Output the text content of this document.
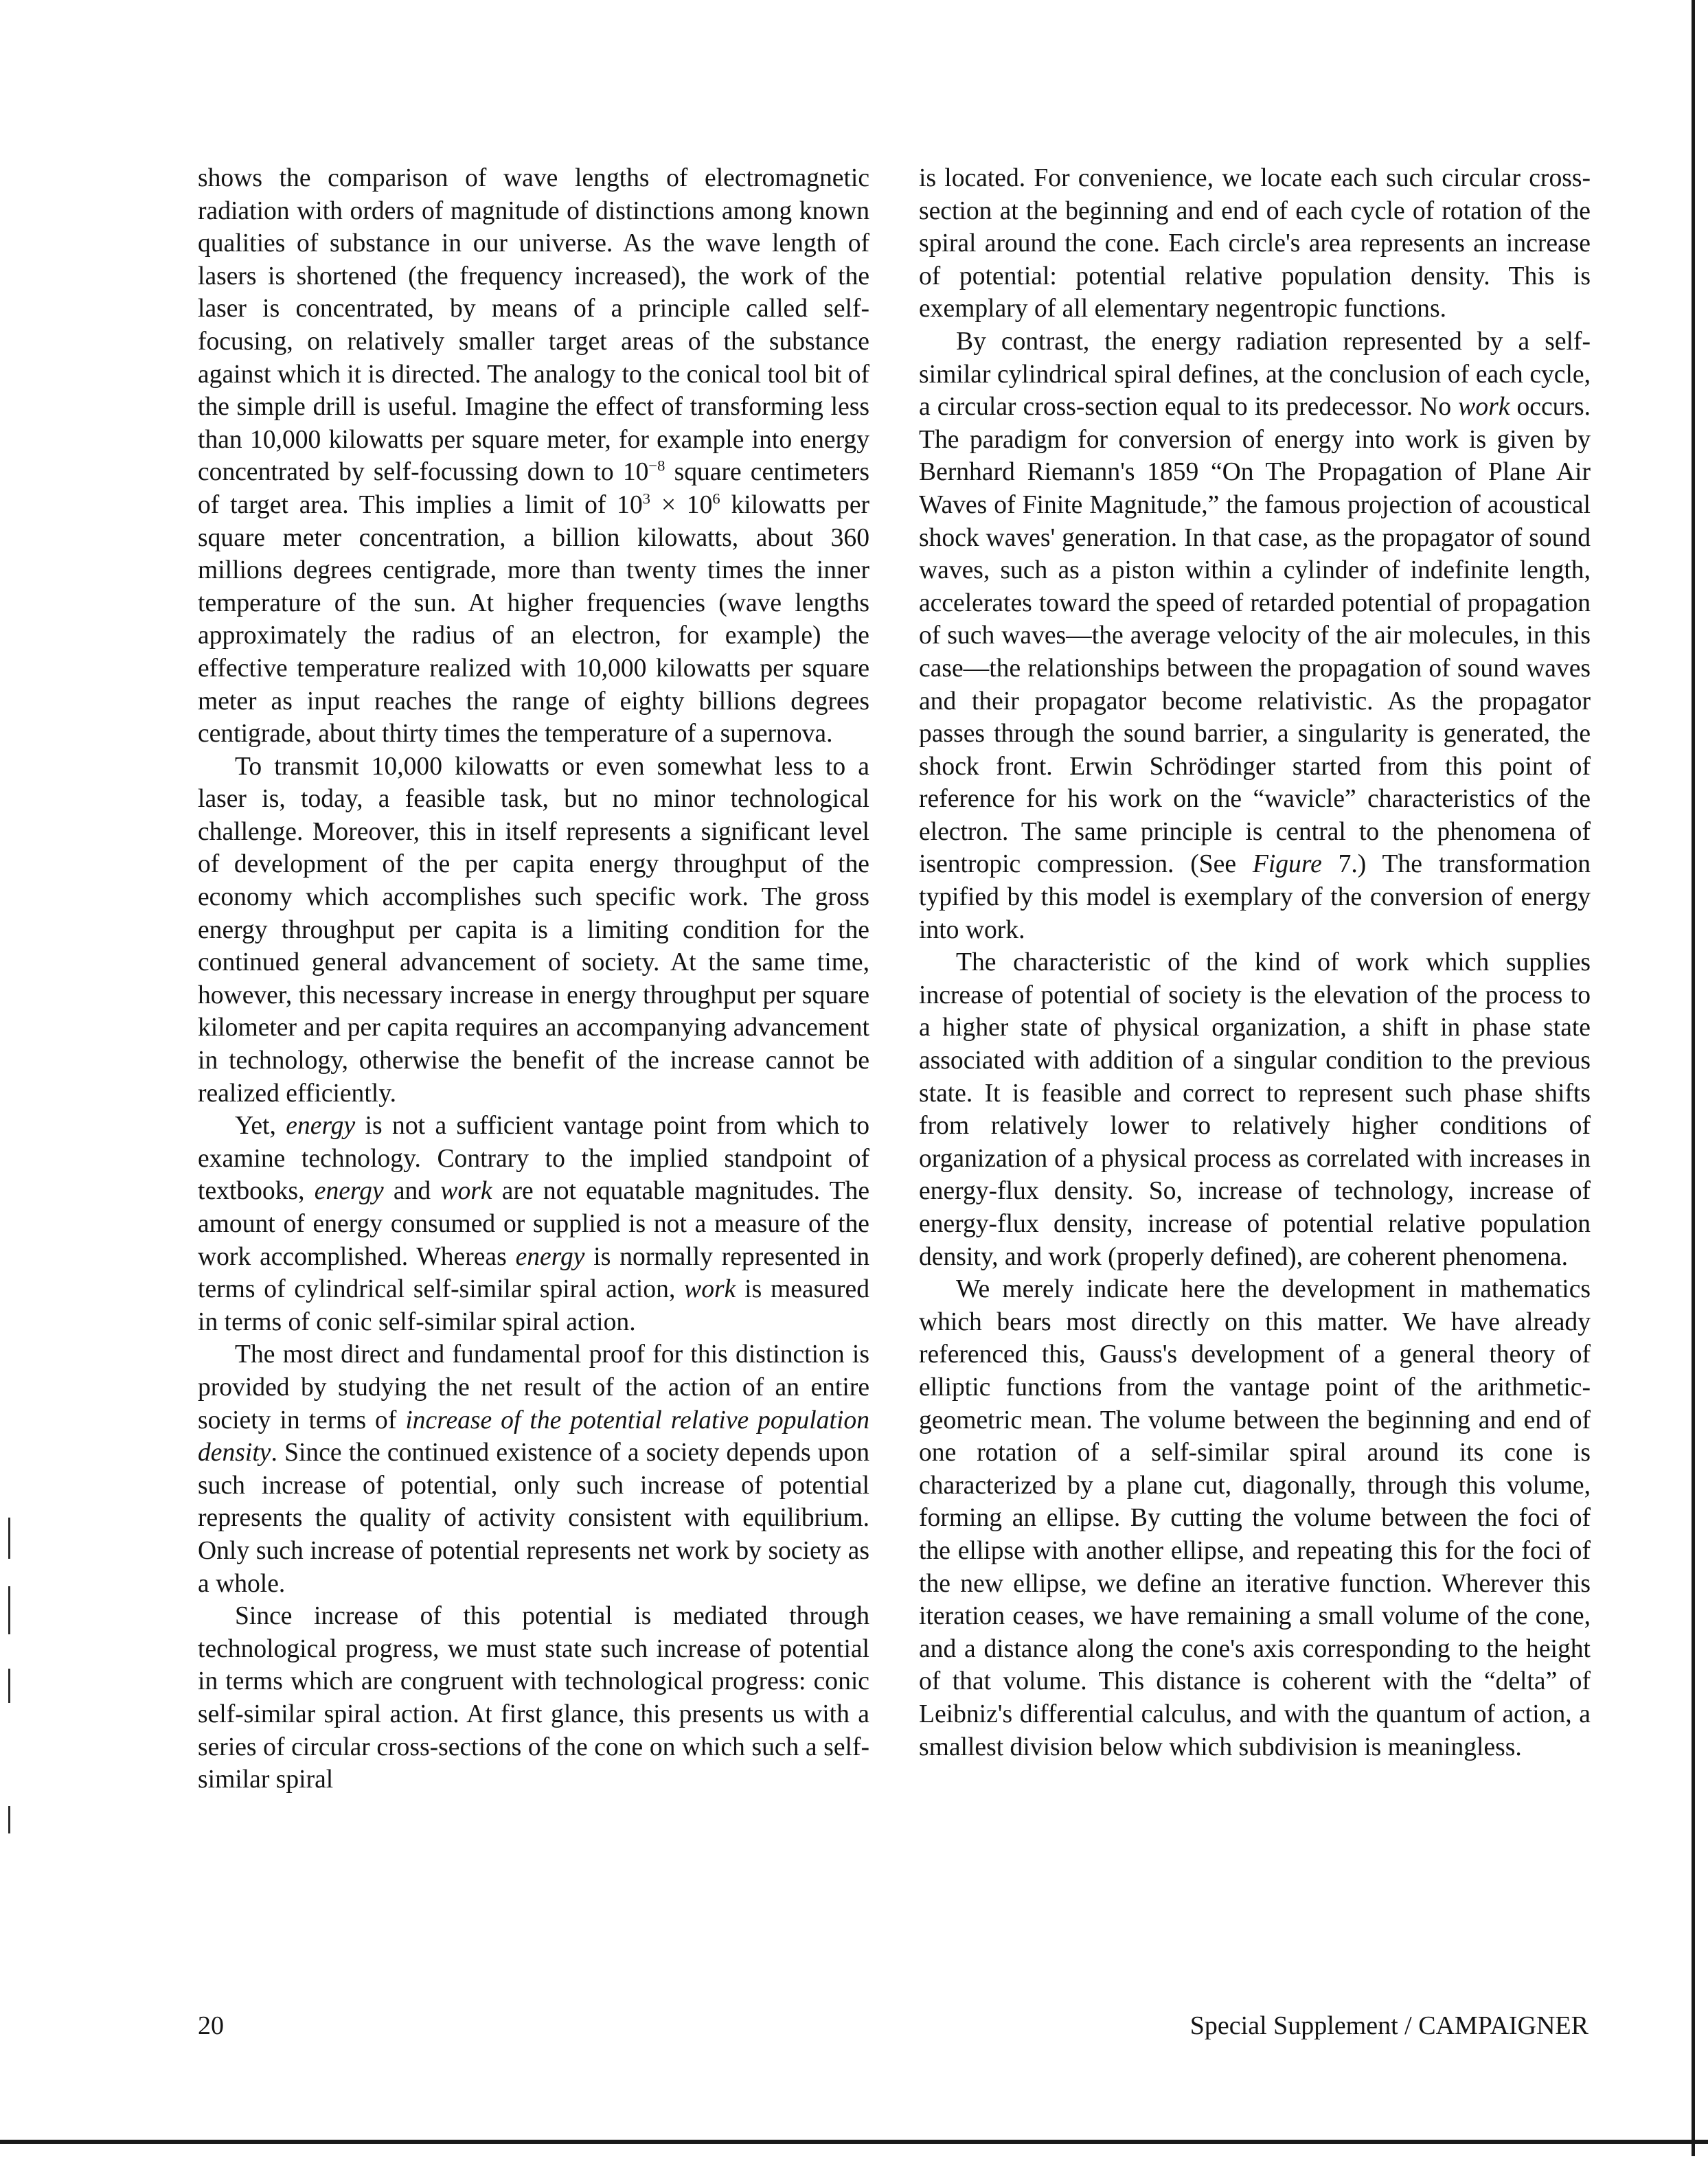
shows the comparison of wave lengths of electromagnetic radiation with orders of magnitude of distinctions among known qualities of substance in our universe. As the wave length of lasers is shortened (the frequency increased), the work of the laser is concentrated, by means of a principle called self-focusing, on relatively smaller target areas of the substance against which it is directed. The analogy to the conical tool bit of the simple drill is useful. Imagine the effect of transforming less than 10,000 kilowatts per square meter, for example into energy concentrated by self-focussing down to $10^{-8}$ square centimeters of target area. This implies a limit of $10^3 \times 10^6$ kilowatts per square meter concentration, a billion kilowatts, about 360 millions degrees centigrade, more than twenty times the inner temperature of the sun. At higher frequencies (wave lengths approximately the radius of an electron, for example) the effective temperature realized with 10,000 kilowatts per square meter as input reaches the range of eighty billions degrees centigrade, about thirty times the temperature of a supernova.

To transmit 10,000 kilowatts or even somewhat less to a laser is, today, a feasible task, but no minor technological challenge. Moreover, this in itself represents a significant level of development of the per capita energy throughput of the economy which accomplishes such specific work. The gross energy throughput per capita is a limiting condition for the continued general advancement of society. At the same time, however, this necessary increase in energy throughput per square kilometer and per capita requires an accompanying advancement in technology, otherwise the benefit of the increase cannot be realized efficiently.

Yet, energy is not a sufficient vantage point from which to examine technology. Contrary to the implied standpoint of textbooks, energy and work are not equatable magnitudes. The amount of energy consumed or supplied is not a measure of the work accomplished. Whereas energy is normally represented in terms of cylindrical self-similar spiral action, work is measured in terms of conic self-similar spiral action.

The most direct and fundamental proof for this distinction is provided by studying the net result of the action of an entire society in terms of increase of the potential relative population density. Since the continued existence of a society depends upon such increase of potential, only such increase of potential represents the quality of activity consistent with equilibrium. Only such increase of potential represents net work by society as a whole.

Since increase of this potential is mediated through technological progress, we must state such increase of potential in terms which are congruent with technological progress: conic self-similar spiral action. At first glance, this presents us with a series of circular cross-sections of the cone on which such a self-similar spiral

is located. For convenience, we locate each such circular cross-section at the beginning and end of each cycle of rotation of the spiral around the cone. Each circle's area represents an increase of potential: potential relative population density. This is exemplary of all elementary negentropic functions.

By contrast, the energy radiation represented by a self-similar cylindrical spiral defines, at the conclusion of each cycle, a circular cross-section equal to its predecessor. No work occurs. The paradigm for conversion of energy into work is given by Bernhard Riemann's 1859 “On The Propagation of Plane Air Waves of Finite Magnitude,” the famous projection of acoustical shock waves' generation. In that case, as the propagator of sound waves, such as a piston within a cylinder of indefinite length, accelerates toward the speed of retarded potential of propagation of such waves—the average velocity of the air molecules, in this case—the relationships between the propagation of sound waves and their propagator become relativistic. As the propagator passes through the sound barrier, a singularity is generated, the shock front. Erwin Schrödinger started from this point of reference for his work on the “wavicle” characteristics of the electron. The same principle is central to the phenomena of isentropic compression. (See Figure 7.) The transformation typified by this model is exemplary of the conversion of energy into work.

The characteristic of the kind of work which supplies increase of potential of society is the elevation of the process to a higher state of physical organization, a shift in phase state associated with addition of a singular condition to the previous state. It is feasible and correct to represent such phase shifts from relatively lower to relatively higher conditions of organization of a physical process as correlated with increases in energy-flux density. So, increase of technology, increase of energy-flux density, increase of potential relative population density, and work (properly defined), are coherent phenomena.

We merely indicate here the development in mathematics which bears most directly on this matter. We have already referenced this, Gauss's development of a general theory of elliptic functions from the vantage point of the arithmetic-geometric mean. The volume between the beginning and end of one rotation of a self-similar spiral around its cone is characterized by a plane cut, diagonally, through this volume, forming an ellipse. By cutting the volume between the foci of the ellipse with another ellipse, and repeating this for the foci of the new ellipse, we define an iterative function. Wherever this iteration ceases, we have remaining a small volume of the cone, and a distance along the cone's axis corresponding to the height of that volume. This distance is coherent with the “delta” of Leibniz's differential calculus, and with the quantum of action, a smallest division below which subdivision is meaningless.

20	Special Supplement / CAMPAIGNER
